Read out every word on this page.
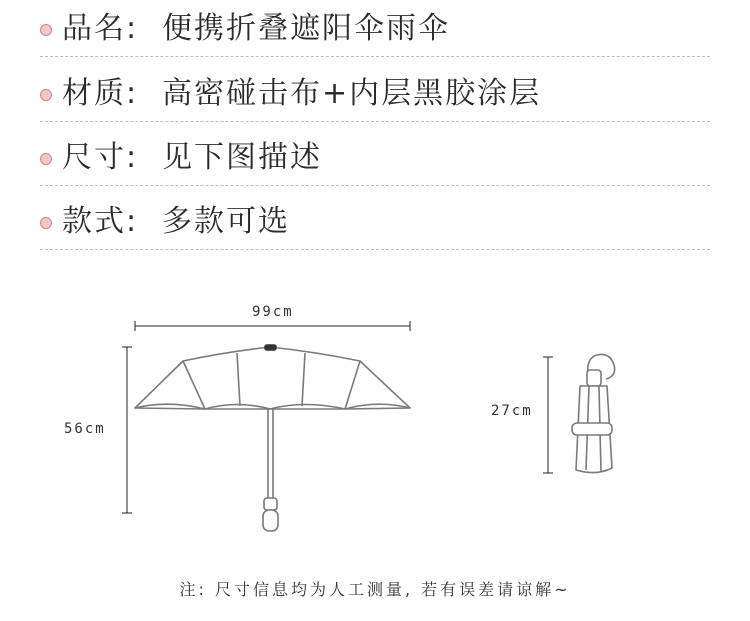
品名: 便携折叠遮阳伞雨伞
材质: 高密碰击布+内层黑胶涂层
尺寸: 见下图描述
款式: 多款可选
99cm
56cm
27cm
注: 尺寸信息均为人工测量, 若有误差请谅解~
